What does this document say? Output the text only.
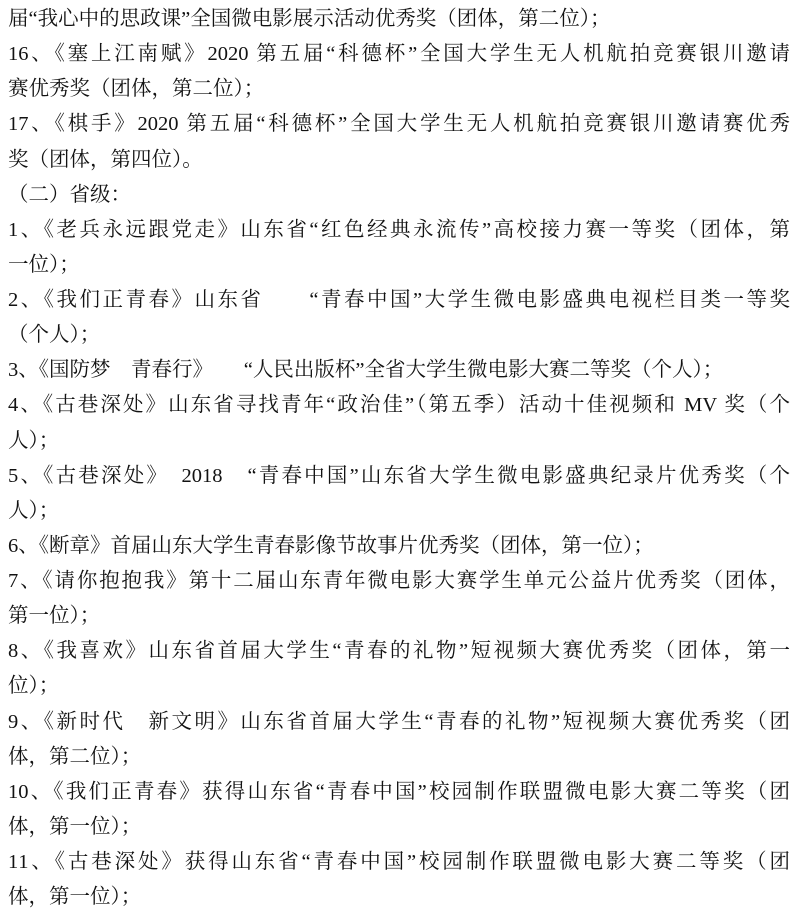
届“我心中的思政课”全国微电影展示活动优秀奖（团体，第二位）；
16、《塞上江南赋》2020 第五届“科德杯”全国大学生无人机航拍竞赛银川邀请
赛优秀奖（团体，第二位）；
17、《棋手》2020 第五届“科德杯”全国大学生无人机航拍竞赛银川邀请赛优秀
奖（团体，第四位）。
（二）省级：
1、《老兵永远跟党走》山东省“红色经典永流传”高校接力赛一等奖（团体，第
一位）；
2、《我们正青春》山东省　　“青春中国”大学生微电影盛典电视栏目类一等奖
（个人）；
3、《国防梦　青春行》　　“人民出版杯”全省大学生微电影大赛二等奖（个人）；
4、《古巷深处》山东省寻找青年“政治佳”（第五季）活动十佳视频和 MV 奖（个
人）；
5、《古巷深处》　2018　“青春中国”山东省大学生微电影盛典纪录片优秀奖（个
人）；
6、《断章》首届山东大学生青春影像节故事片优秀奖（团体，第一位）；
7、《请你抱抱我》第十二届山东青年微电影大赛学生单元公益片优秀奖（团体，
第一位）；
8、《我喜欢》山东省首届大学生“青春的礼物”短视频大赛优秀奖（团体，第一
位）；
9、《新时代　新文明》山东省首届大学生“青春的礼物”短视频大赛优秀奖（团
体，第二位）；
10、《我们正青春》获得山东省“青春中国”校园制作联盟微电影大赛二等奖（团
体，第一位）；
11、《古巷深处》获得山东省“青春中国”校园制作联盟微电影大赛二等奖（团
体，第一位）；
